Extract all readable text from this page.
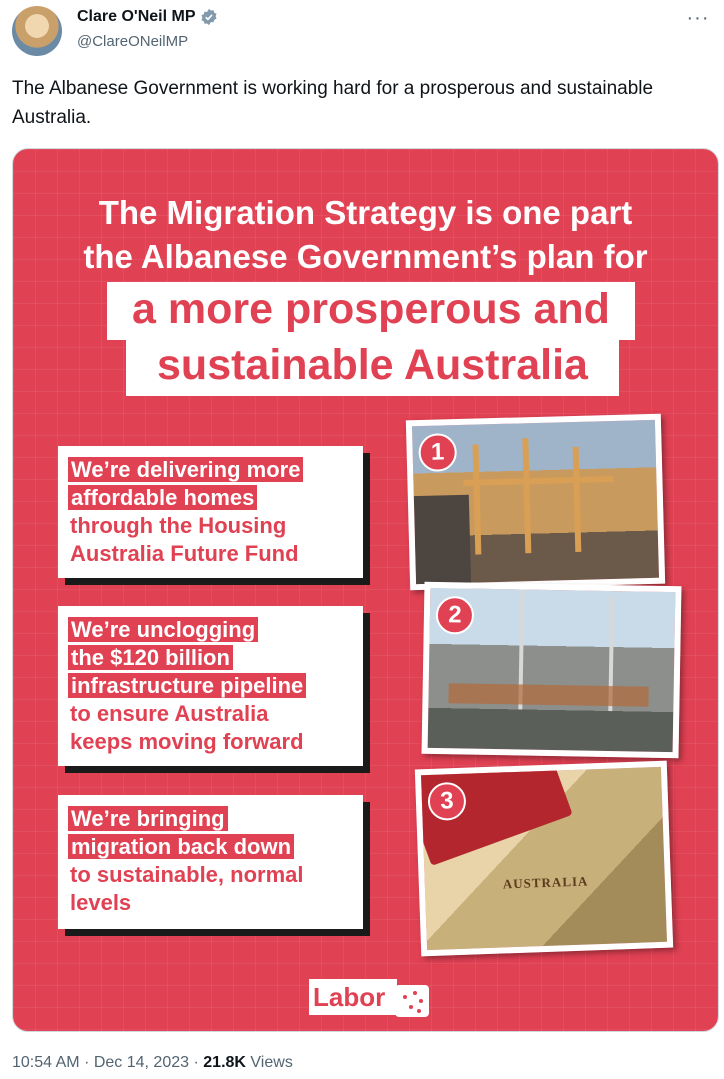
Clare O'Neil MP
@ClareONeilMP
···
The Albanese Government is working hard for a prosperous and sustainable Australia.
The Migration Strategy is one part
the Albanese Government’s plan for
a more prosperous and
sustainable Australia
We’re delivering more
affordable homes
through the Housing
Australia Future Fund
We’re unclogging
the $120 billion
infrastructure pipeline
to ensure Australia
keeps moving forward
We’re bringing
migration back down
to sustainable, normal
levels
1
2
AUSTRALIA
3
Labor
10:54 AM · Dec 14, 2023 · 21.8K Views
